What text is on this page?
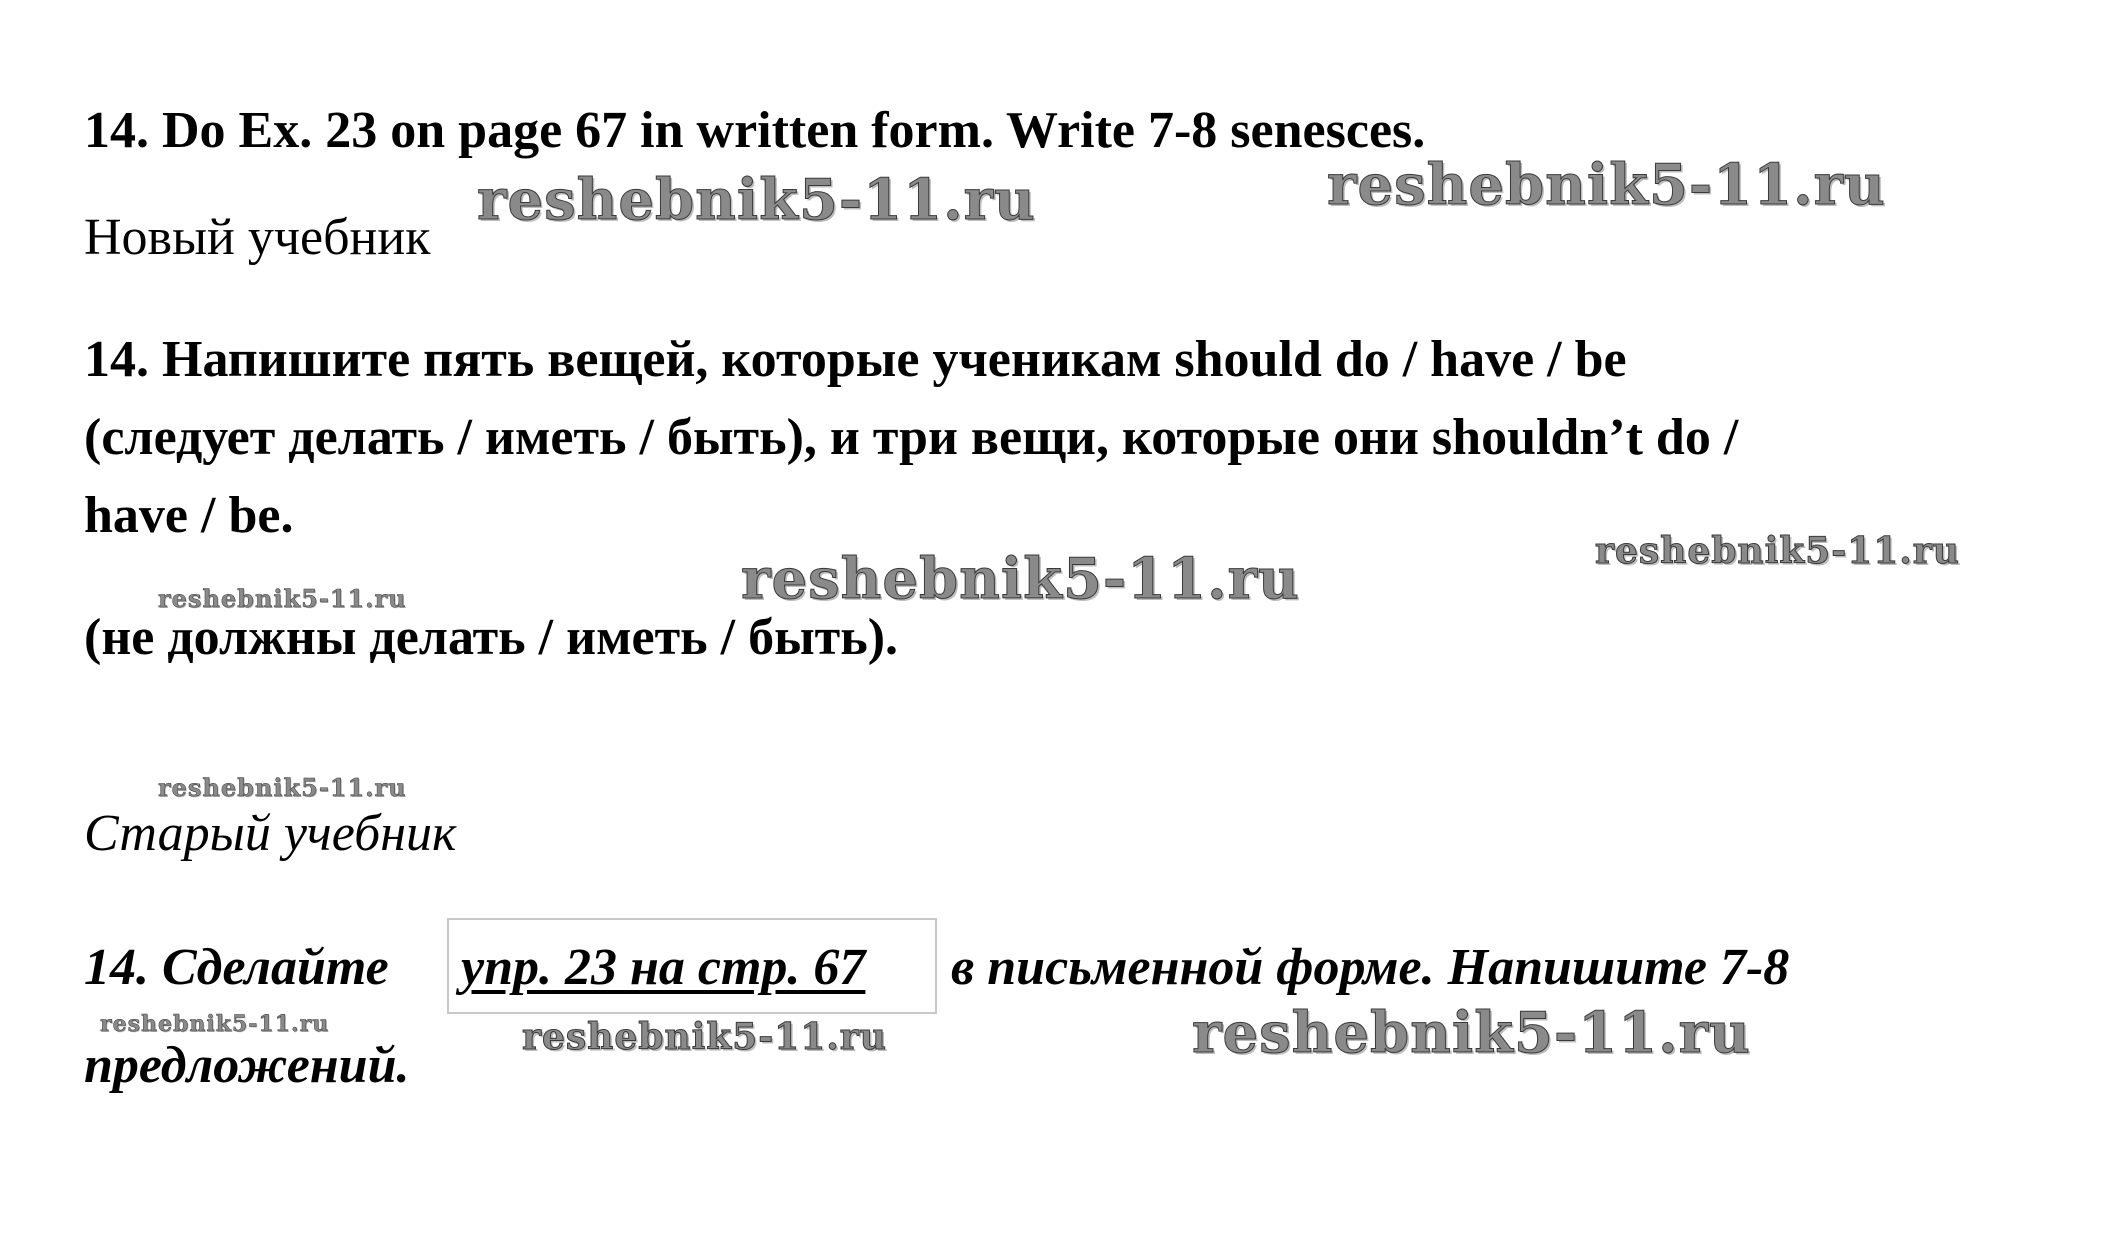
14. Do Ex. 23 on page 67 in written form. Write 7-8 senesces.
reshebnik5-11.ru	reshebnik5-11.ru
Новый учебник
14. Напишите пять вещей, которые ученикам should do / have / be
(следует делать / иметь / быть), и три вещи, которые они shouldn’t do /
have / be.
reshebnik5-11.ru
reshebnik5-11.ru
reshebnik5-11.ru
(не должны делать / иметь / быть).
reshebnik5-11.ru
Старый учебник
14. Сделайте упр. 23 на стр. 67 в письменной форме. Напишите 7-8
reshebnik5-11.ru	reshebnik5-11.ru	reshebnik5-11.ru
предложений.
